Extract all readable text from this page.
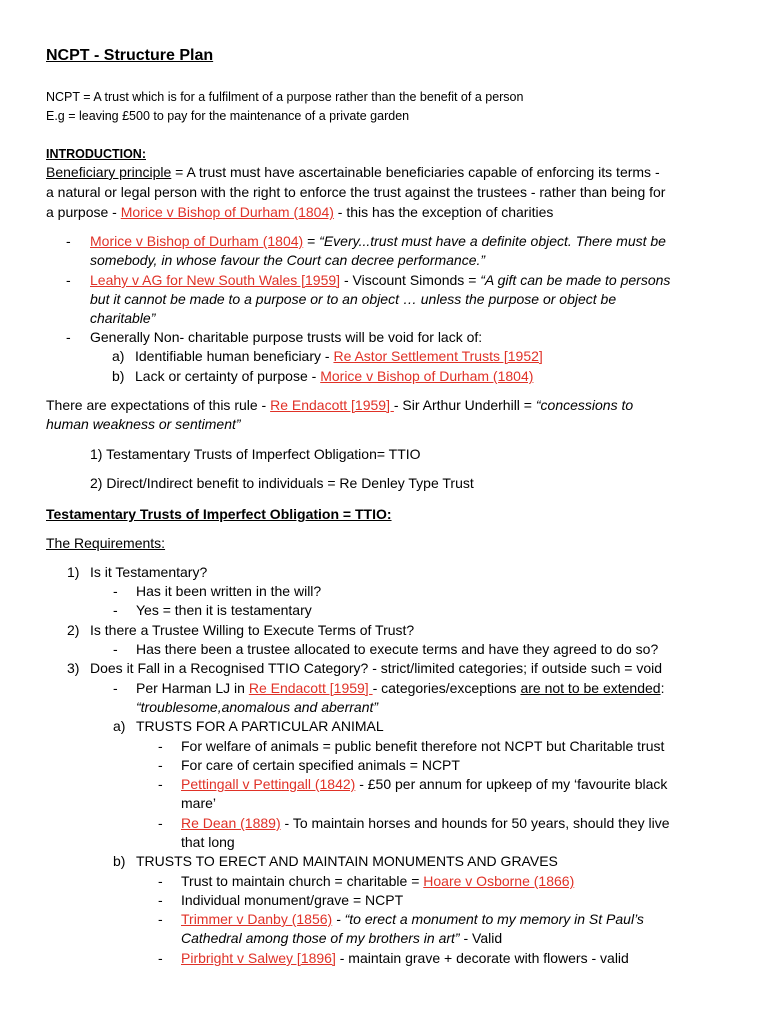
NCPT - Structure Plan
NCPT = A trust which is for a fulfilment of a purpose rather than the benefit of a person
E.g = leaving £500 to pay for the maintenance of a private garden
INTRODUCTION:
Beneficiary principle = A trust must have ascertainable beneficiaries capable of enforcing its terms -
a natural or legal person with the right to enforce the trust against the trustees - rather than being for
a purpose - Morice v Bishop of Durham (1804) - this has the exception of charities
- Morice v Bishop of Durham (1804) = “Every...trust must have a definite object. There must be
somebody, in whose favour the Court can decree performance.”
- Leahy v AG for New South Wales [1959] - Viscount Simonds = “A gift can be made to persons
but it cannot be made to a purpose or to an object … unless the purpose or object be
charitable”
- Generally Non- charitable purpose trusts will be void for lack of:
a) Identifiable human beneficiary - Re Astor Settlement Trusts [1952]
b) Lack or certainty of purpose - Morice v Bishop of Durham (1804)
There are expectations of this rule - Re Endacott [1959] - Sir Arthur Underhill = “concessions to
human weakness or sentiment”
1) Testamentary Trusts of Imperfect Obligation= TTIO
2) Direct/Indirect benefit to individuals = Re Denley Type Trust
Testamentary Trusts of Imperfect Obligation = TTIO:
The Requirements:
1) Is it Testamentary?
- Has it been written in the will?
- Yes = then it is testamentary
2) Is there a Trustee Willing to Execute Terms of Trust?
- Has there been a trustee allocated to execute terms and have they agreed to do so?
3) Does it Fall in a Recognised TTIO Category? - strict/limited categories; if outside such = void
- Per Harman LJ in Re Endacott [1959] - categories/exceptions are not to be extended:
“troublesome,anomalous and aberrant”
a) TRUSTS FOR A PARTICULAR ANIMAL
- For welfare of animals = public benefit therefore not NCPT but Charitable trust
- For care of certain specified animals = NCPT
- Pettingall v Pettingall (1842) - £50 per annum for upkeep of my ‘favourite black
mare’
- Re Dean (1889) - To maintain horses and hounds for 50 years, should they live
that long
b) TRUSTS TO ERECT AND MAINTAIN MONUMENTS AND GRAVES
- Trust to maintain church = charitable = Hoare v Osborne (1866)
- Individual monument/grave = NCPT
- Trimmer v Danby (1856) - “to erect a monument to my memory in St Paul’s
Cathedral among those of my brothers in art” - Valid
- Pirbright v Salwey [1896] - maintain grave + decorate with flowers - valid
